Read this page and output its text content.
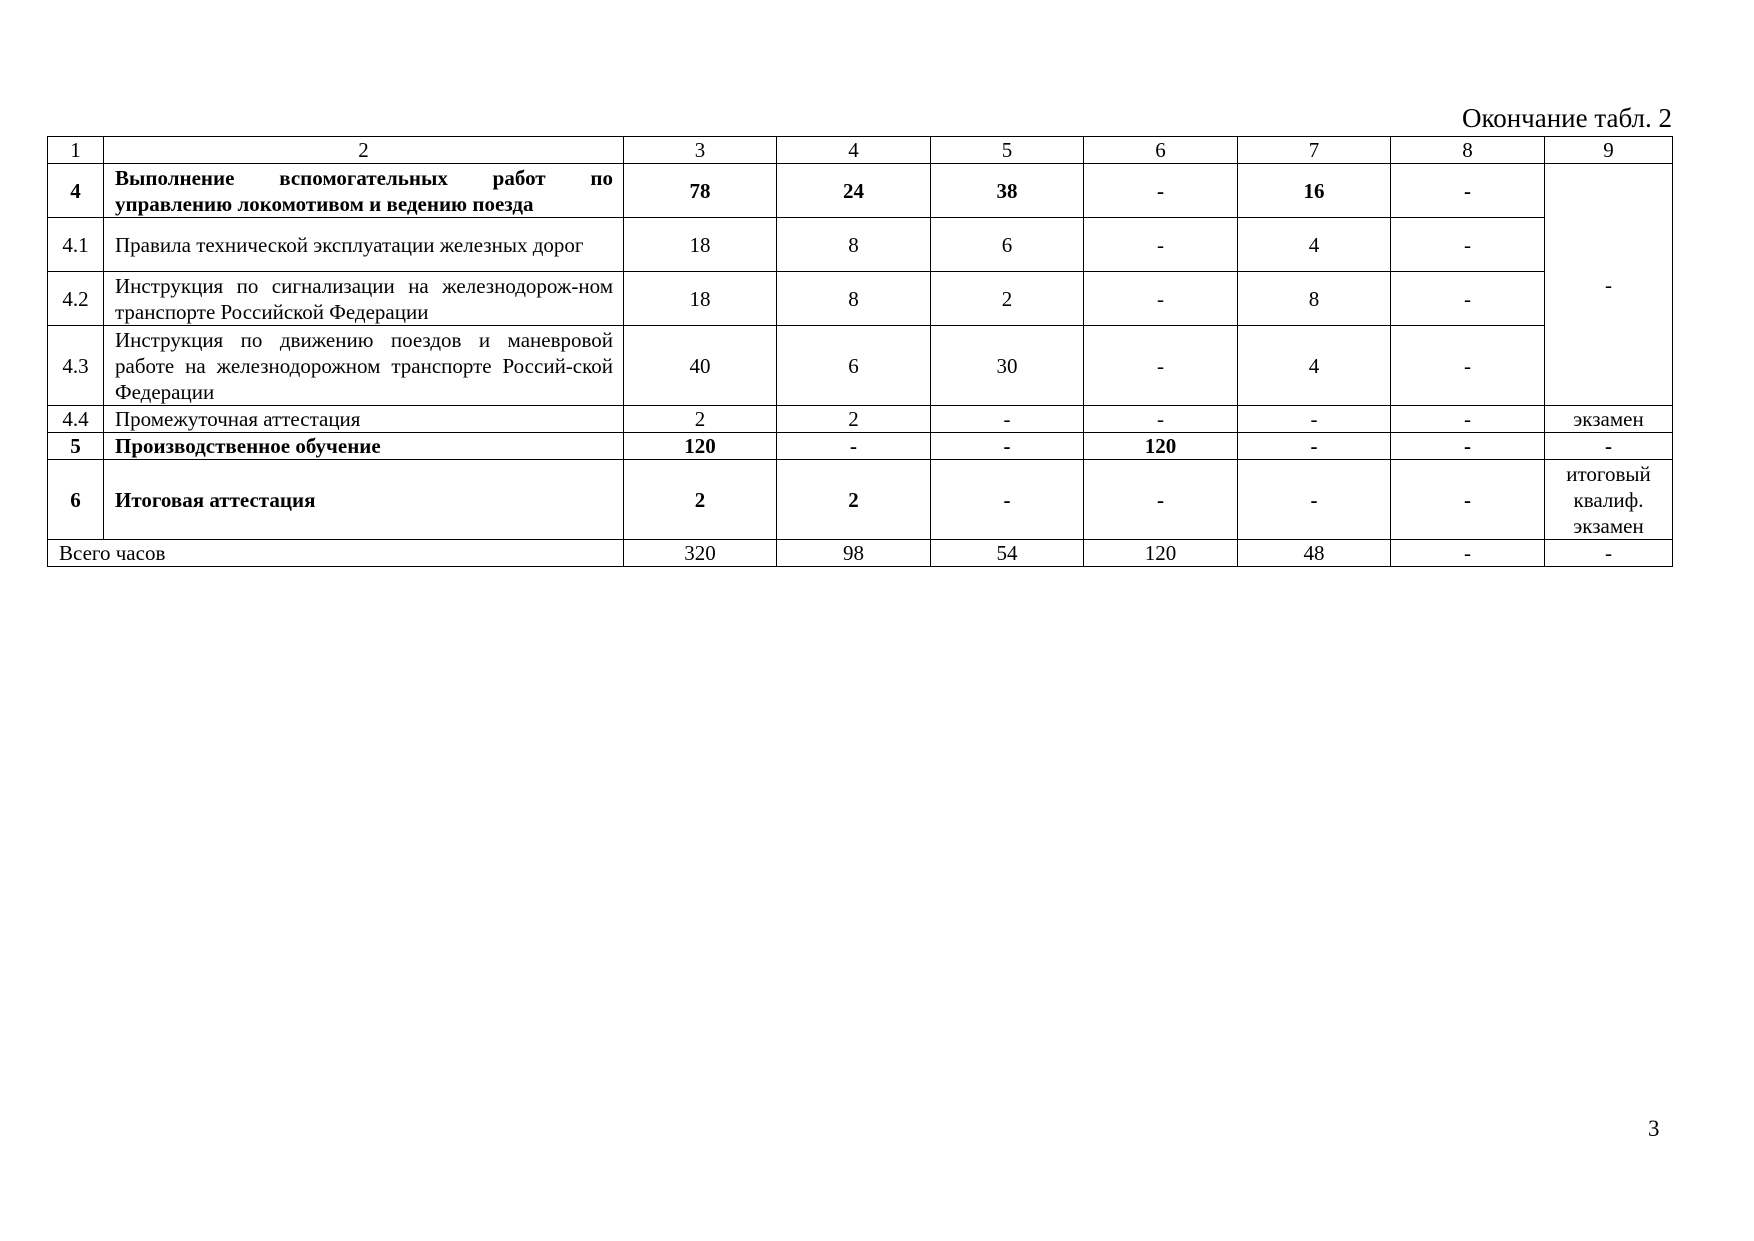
Окончание табл. 2
1	2	3	4	5	6	7	8	9
4	Выполнение вспомогательных работ по управлению локомотивом и ведению поезда	78	24	38	-	16	-	-
4.1	Правила технической эксплуатации железных дорог	18	8	6	-	4	-	
4.2	Инструкция по сигнализации на железнодорож-ном транспорте Российской Федерации	18	8	2	-	8	-	
4.3	Инструкция по движению поездов и маневровой работе на железнодорожном транспорте Россий-ской Федерации	40	6	30	-	4	-	
4.4	Промежуточная аттестация	2	2	-	-	-	-	экзамен
5	Производственное обучение	120	-	-	120	-	-	-
6	Итоговая аттестация	2	2	-	-	-	-	итоговый
квалиф.
экзамен

Всего часов		320	98	54	120	48	-	-
3
